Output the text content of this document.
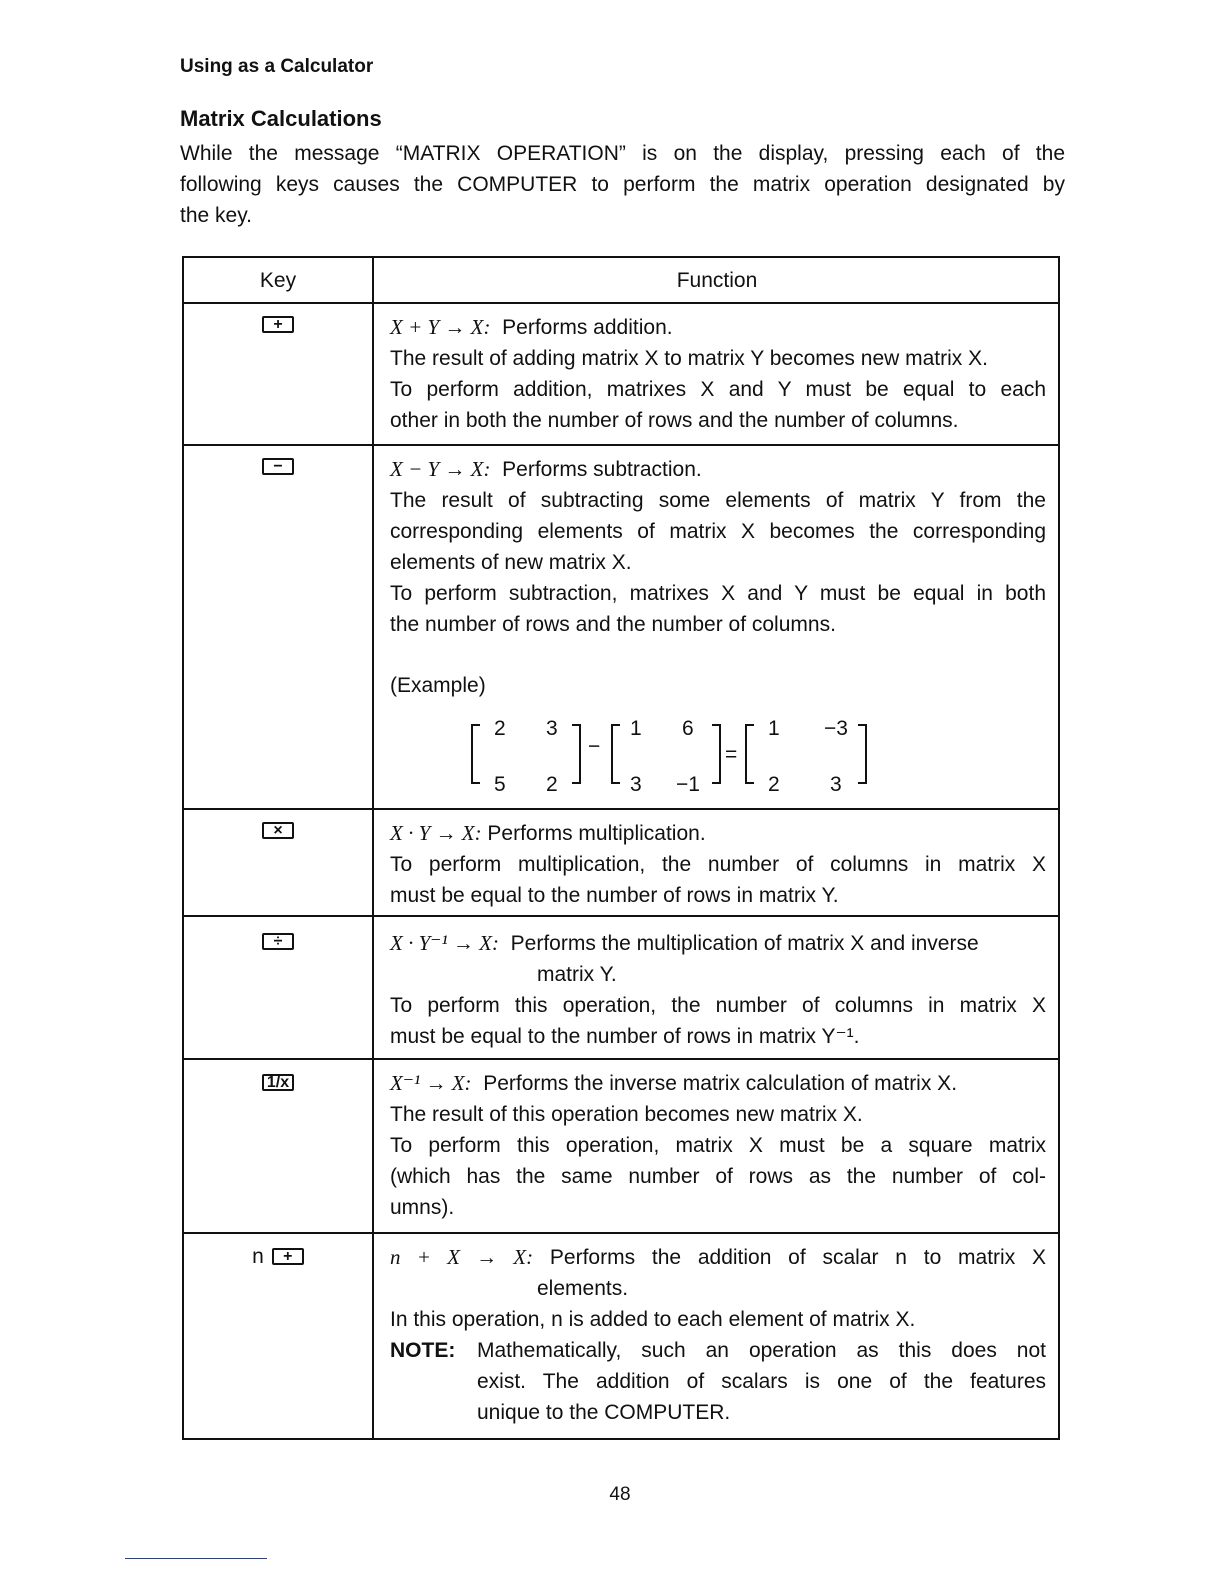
Using as a Calculator
Matrix Calculations
While the message “MATRIX OPERATION” is on the display, pressing each of the
following keys causes the COMPUTER to perform the matrix operation designated by
the key.
Key	Function
+	X + Y → X: Performs addition.
The result of adding matrix X to matrix Y becomes new matrix X.
To perform addition, matrixes X and Y must be equal to each
other in both the number of rows and the number of columns.
−	X − Y → X: Performs subtraction.
The result of subtracting some elements of matrix Y from the
corresponding elements of matrix X becomes the corresponding
elements of new matrix X.
To perform subtraction, matrixes X and Y must be equal in both
the number of rows and the number of columns.
(Example)
2 3
5 2
−
1 6
3 −1
=
1 −3
2 3
×	X · Y → X: Performs multiplication.
To perform multiplication, the number of columns in matrix X
must be equal to the number of rows in matrix Y.
÷	X · Y⁻¹ → X: Performs the multiplication of matrix X and inverse
matrix Y.
To perform this operation, the number of columns in matrix X
must be equal to the number of rows in matrix Y⁻¹.
1/x	X⁻¹ → X: Performs the inverse matrix calculation of matrix X.
The result of this operation becomes new matrix X.
To perform this operation, matrix X must be a square matrix
(which has the same number of rows as the number of col-
umns).
n +	n + X → X: Performs the addition of scalar n to matrix X
elements.
In this operation, n is added to each element of matrix X.
NOTE:	Mathematically, such an operation as this does not
exist. The addition of scalars is one of the features
unique to the COMPUTER.
48
